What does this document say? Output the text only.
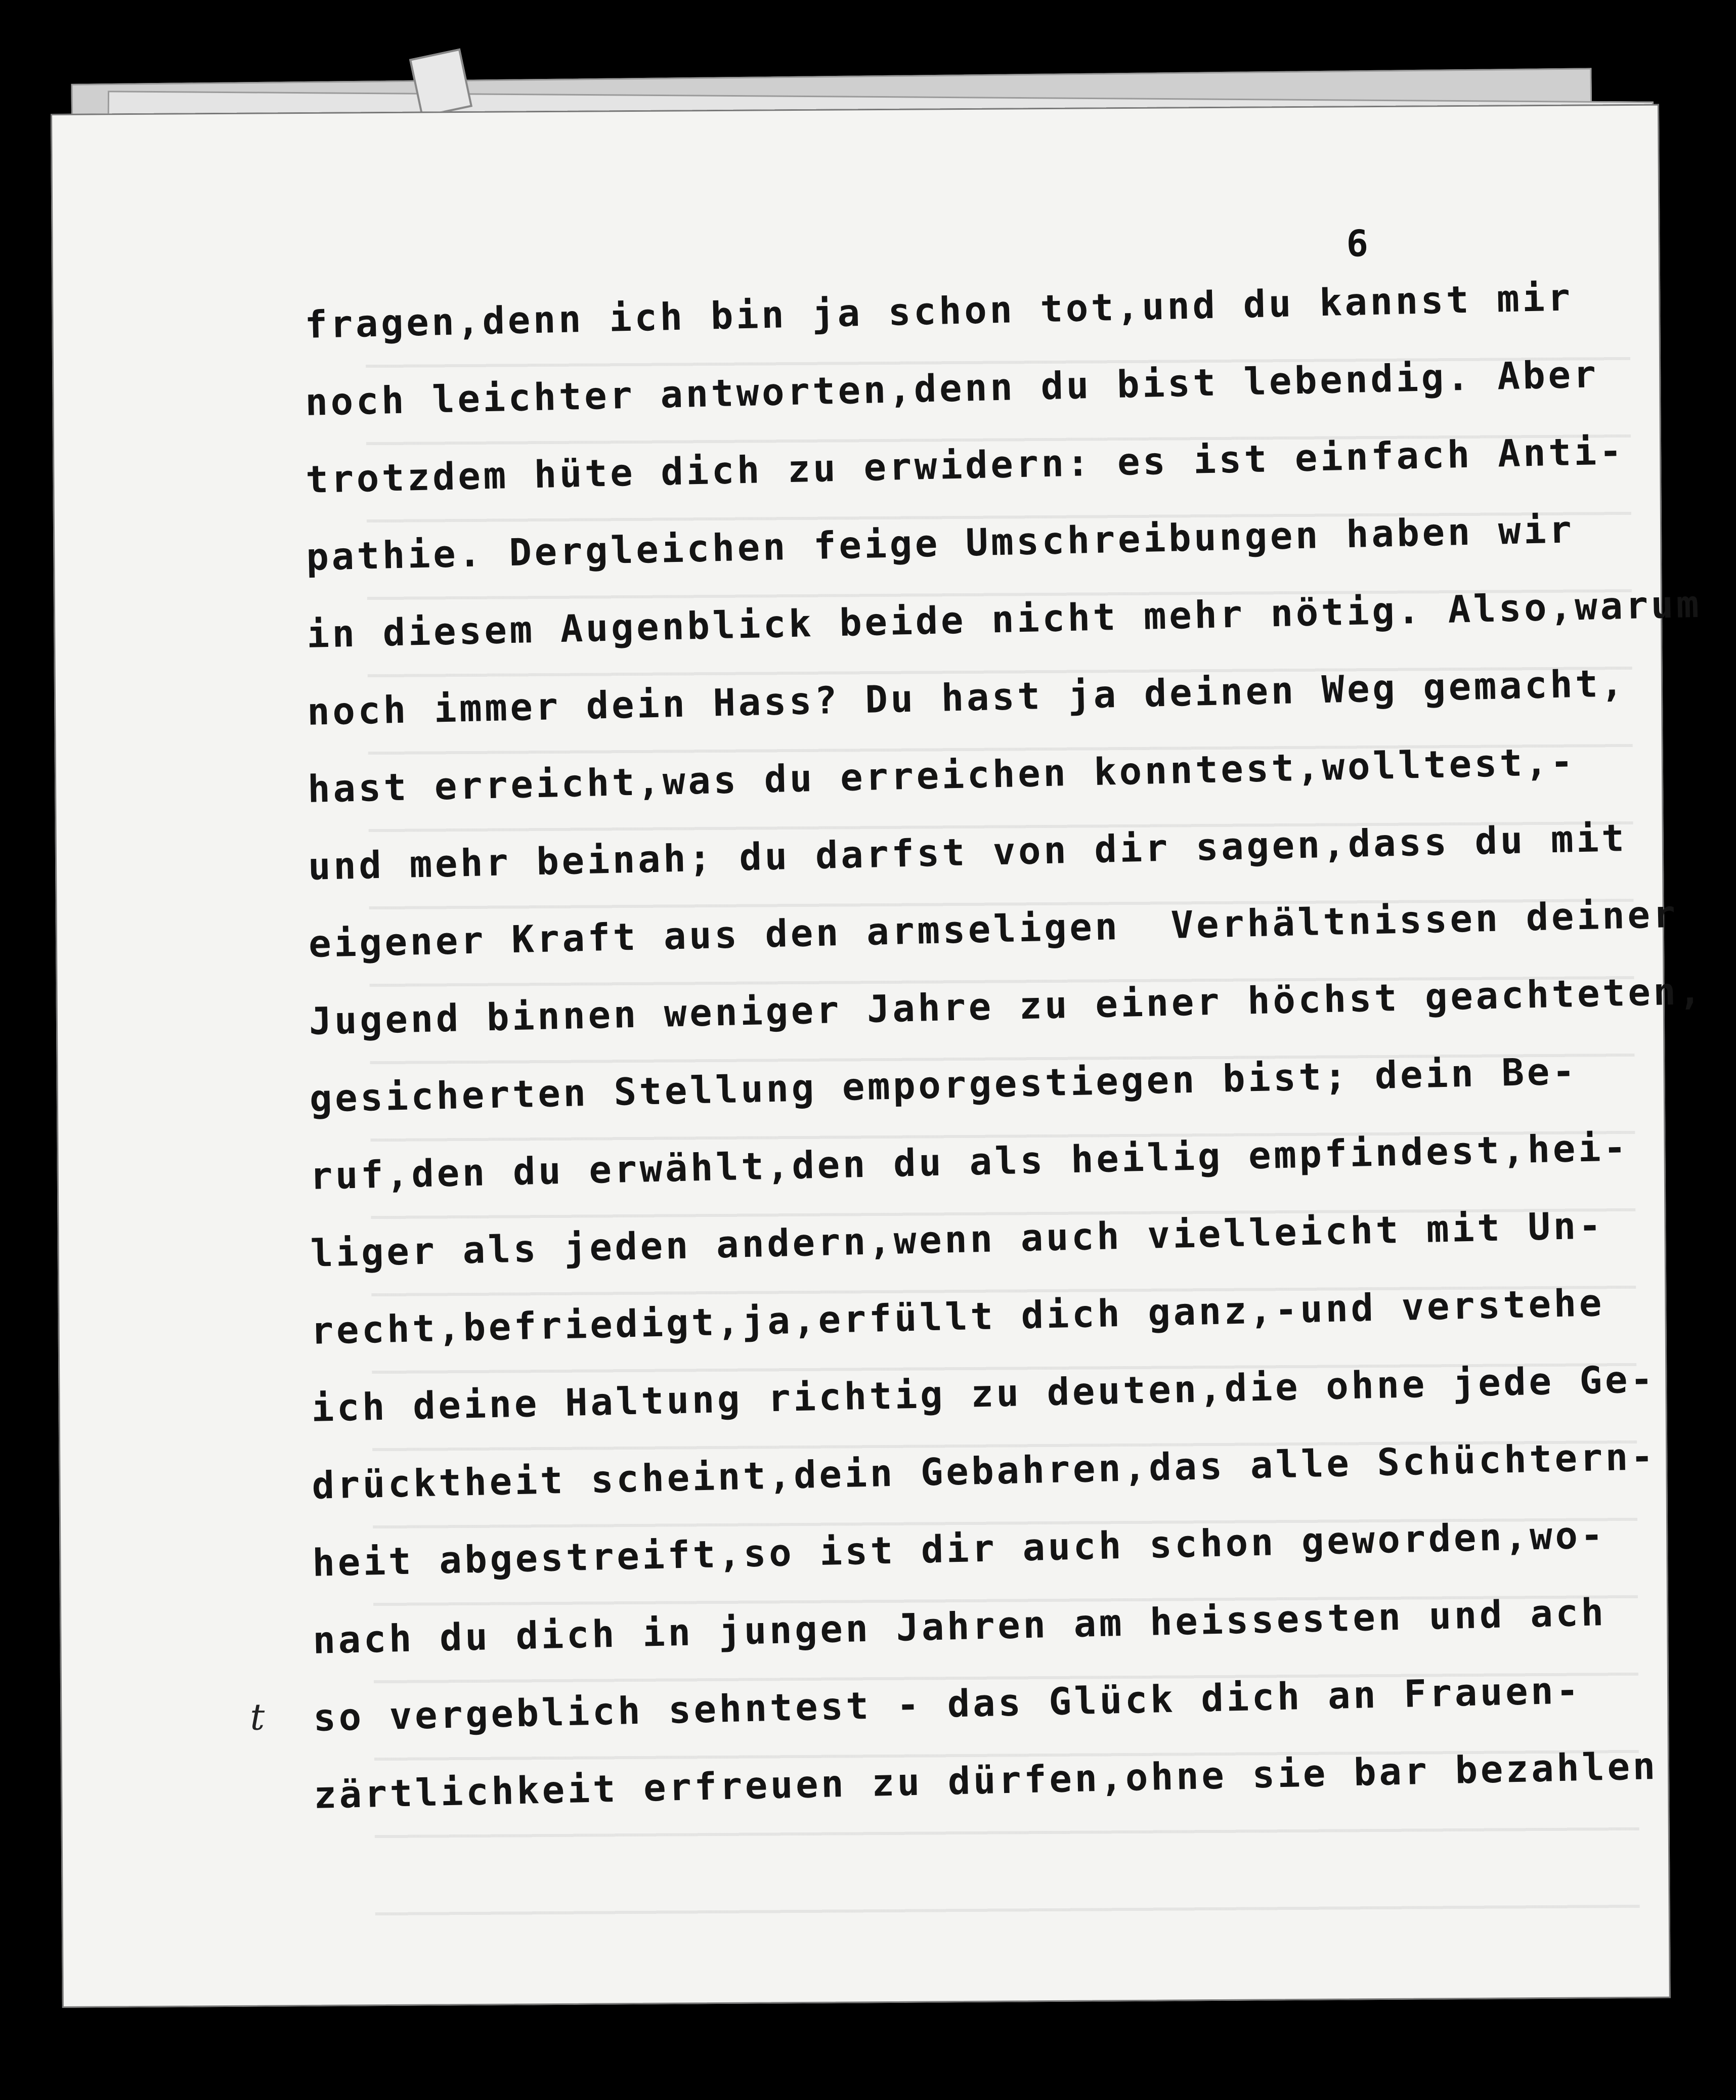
6
fragen,denn ich bin ja schon tot,und du kannst mir
noch leichter antworten,denn du bist lebendig. Aber
trotzdem hüte dich zu erwidern: es ist einfach Anti-
pathie. Dergleichen feige Umschreibungen haben wir
in diesem Augenblick beide nicht mehr nötig. Also,warum
noch immer dein Hass? Du hast ja deinen Weg gemacht,
hast erreicht,was du erreichen konntest,wolltest,-
und mehr beinah; du darfst von dir sagen,dass du mit
eigener Kraft aus den armseligen  Verhältnissen deiner
Jugend binnen weniger Jahre zu einer höchst geachteten,
gesicherten Stellung emporgestiegen bist; dein Be-
ruf,den du erwählt,den du als heilig empfindest,hei-
liger als jeden andern,wenn auch vielleicht mit Un-
recht,befriedigt,ja,erfüllt dich ganz,-und verstehe
ich deine Haltung richtig zu deuten,die ohne jede Ge-
drücktheit scheint,dein Gebahren,das alle Schüchtern-
heit abgestreift,so ist dir auch schon geworden,wo-
nach du dich in jungen Jahren am heissesten und ach
so vergeblich sehntest - das Glück dich an Frauen-
zärtlichkeit erfreuen zu dürfen,ohne sie bar bezahlen
t
